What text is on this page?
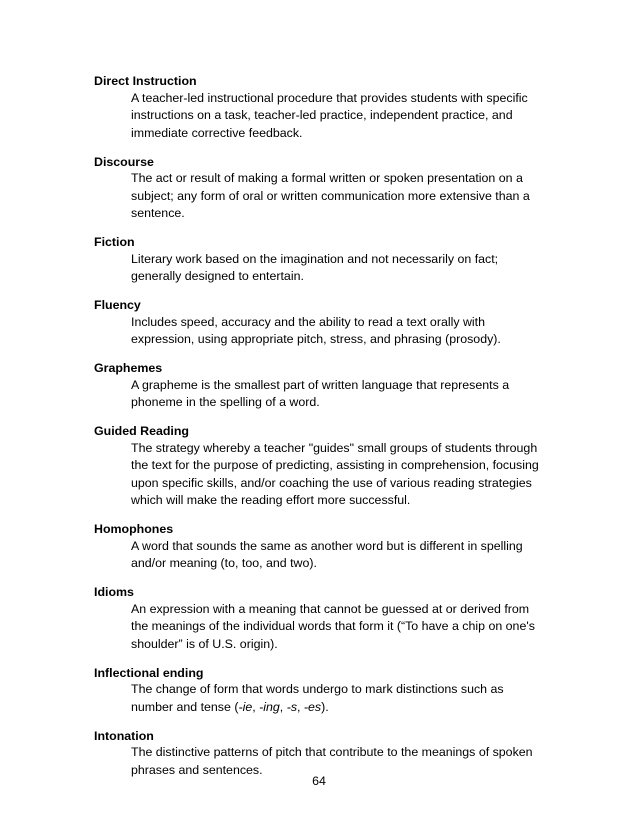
Direct Instruction
A teacher-led instructional procedure that provides students with specific
instructions on a task, teacher-led practice, independent practice, and
immediate corrective feedback.
Discourse
The act or result of making a formal written or spoken presentation on a
subject; any form of oral or written communication more extensive than a
sentence.
Fiction
Literary work based on the imagination and not necessarily on fact;
generally designed to entertain.
Fluency
Includes speed, accuracy and the ability to read a text orally with
expression, using appropriate pitch, stress, and phrasing (prosody).
Graphemes
A grapheme is the smallest part of written language that represents a
phoneme in the spelling of a word.
Guided Reading
The strategy whereby a teacher "guides" small groups of students through
the text for the purpose of predicting, assisting in comprehension, focusing
upon specific skills, and/or coaching the use of various reading strategies
which will make the reading effort more successful.
Homophones
A word that sounds the same as another word but is different in spelling
and/or meaning (to, too, and two).
Idioms
An expression with a meaning that cannot be guessed at or derived from
the meanings of the individual words that form it (“To have a chip on one's
shoulder” is of U.S. origin).
Inflectional ending
The change of form that words undergo to mark distinctions such as
number and tense (-ie, -ing, -s, -es).
Intonation
The distinctive patterns of pitch that contribute to the meanings of spoken
phrases and sentences.
64
